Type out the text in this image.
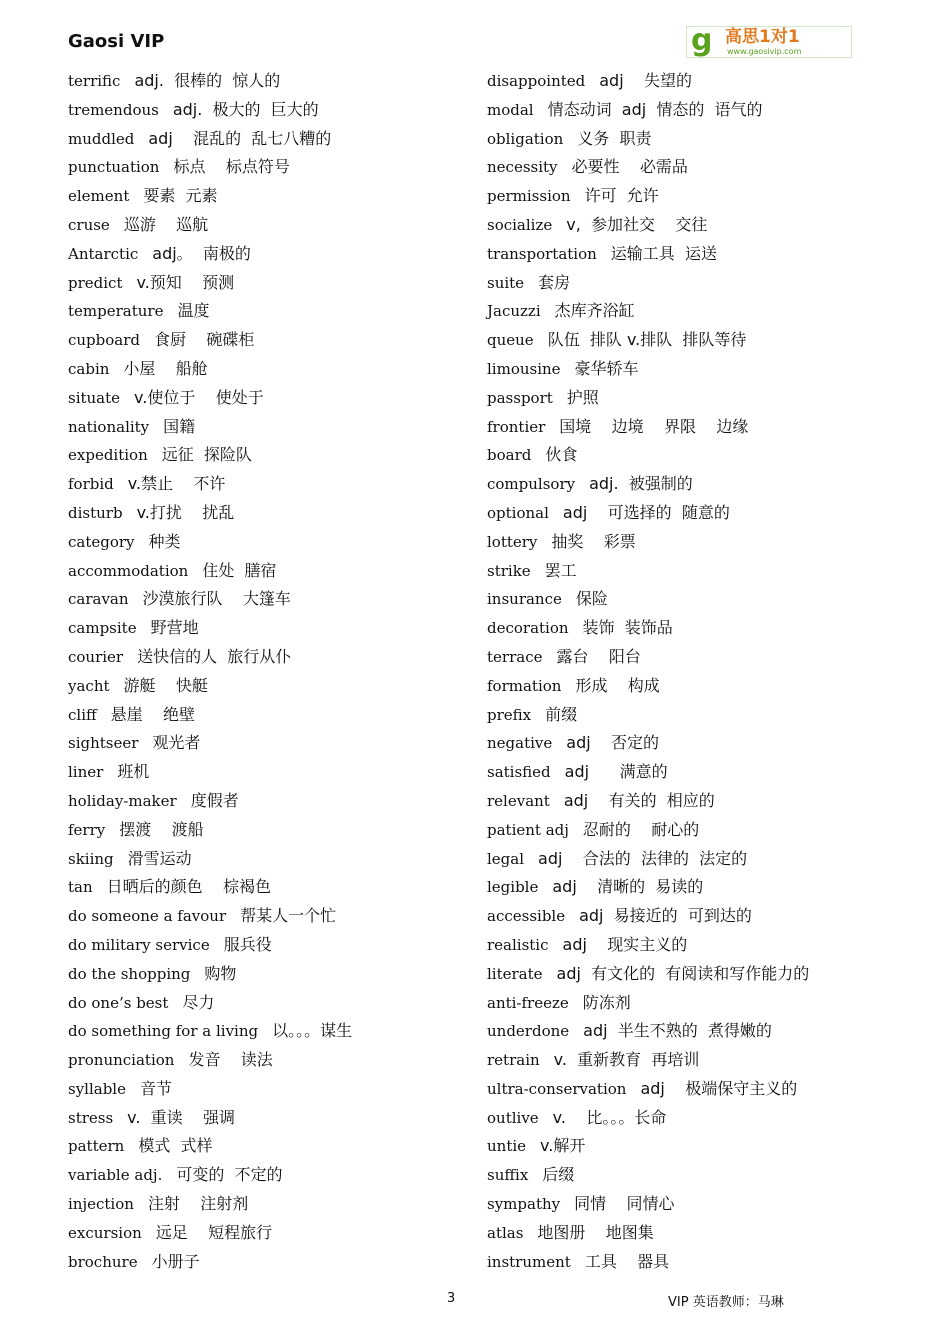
Gaosi VIP	g 高思1对1
www.gaosivip.com
terrific adj.  很棒的  惊人的
tremendous adj.  极大的  巨大的
muddled adj    混乱的  乱七八糟的
punctuation 标点    标点符号
element 要素  元素
cruse 巡游    巡航
Antarctic adj。  南极的
predict v.预知    预测
temperature 温度
cupboard 食厨    碗碟柜
cabin 小屋    船舱
situate v.使位于    使处于
nationality 国籍
expedition 远征  探险队
forbid v.禁止    不许
disturb v.打扰    扰乱
category 种类
accommodation 住处  膳宿
caravan 沙漠旅行队    大篷车
campsite 野营地
courier 送快信的人  旅行从仆
yacht 游艇    快艇
cliff 悬崖    绝壁
sightseer 观光者
liner 班机
holiday-maker 度假者
ferry 摆渡    渡船
skiing 滑雪运动
tan 日晒后的颜色    棕褐色
do someone a favour 帮某人一个忙
do military service 服兵役
do the shopping 购物
do one’s best 尽力
do something for a living 以。。。谋生
pronunciation 发音    读法
syllable 音节
stress v.  重读    强调
pattern 模式  式样
variable adj. 可变的  不定的
injection 注射    注射剂
excursion 远足    短程旅行
brochure 小册子
disappointed adj    失望的
modal 情态动词  adj  情态的  语气的
obligation 义务  职责
necessity 必要性    必需品
permission 许可  允许
socialize v,  参加社交    交往
transportation 运输工具  运送
suite 套房
Jacuzzi 杰库齐浴缸
queue 队伍  排队 v.排队  排队等待
limousine 豪华轿车
passport 护照
frontier 国境    边境    界限    边缘
board 伙食
compulsory adj.  被强制的
optional adj    可选择的  随意的
lottery 抽奖    彩票
strike 罢工
insurance 保险
decoration 装饰  装饰品
terrace 露台    阳台
formation 形成    构成
prefix 前缀
negative adj    否定的
satisfied adj      满意的
relevant adj    有关的  相应的
patient adj 忍耐的    耐心的
legal adj    合法的  法律的  法定的
legible adj    清晰的  易读的
accessible adj  易接近的  可到达的
realistic adj    现实主义的
literate adj  有文化的  有阅读和写作能力的
anti-freeze 防冻剂
underdone adj  半生不熟的  煮得嫩的
retrain v.  重新教育  再培训
ultra-conservation adj    极端保守主义的
outlive v.    比。。。长命
untie v.解开
suffix 后缀
sympathy 同情    同情心
atlas 地图册    地图集
instrument 工具    器具
3	VIP 英语教师：马琳
